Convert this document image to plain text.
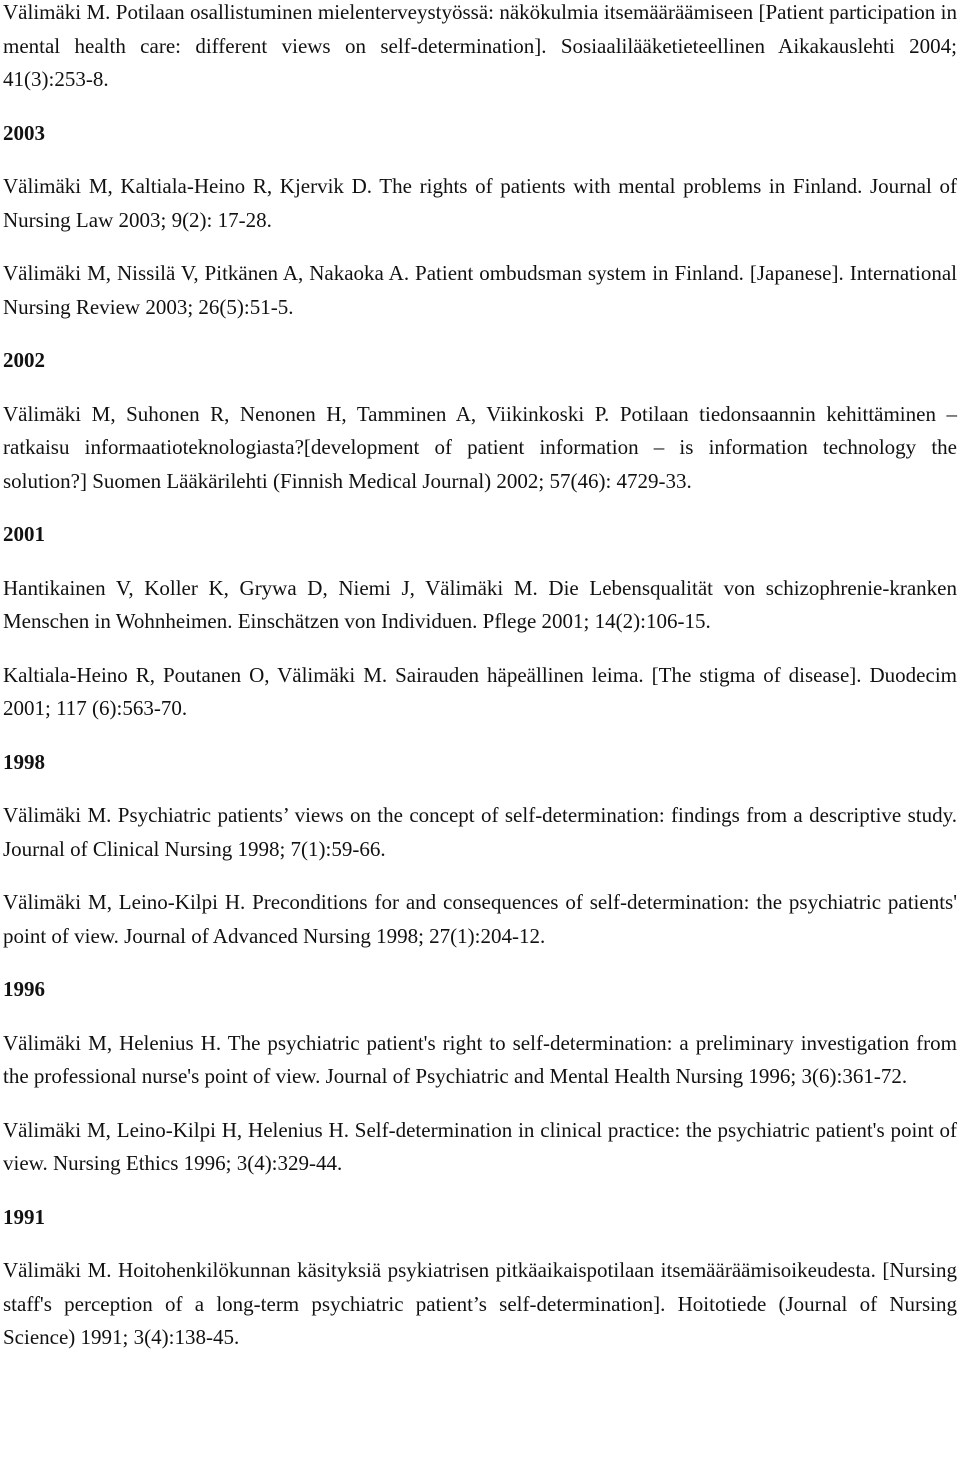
Välimäki M. Potilaan osallistuminen mielenterveystyössä: näkökulmia itsemääräämiseen [Patient participation in mental health care: different views on self-determination]. Sosiaalilääketieteellinen Aikakauslehti 2004; 41(3):253-8.

2003

Välimäki M, Kaltiala-Heino R, Kjervik D. The rights of patients with mental problems in Finland. Journal of Nursing Law 2003; 9(2): 17-28.

Välimäki M, Nissilä V, Pitkänen A, Nakaoka A. Patient ombudsman system in Finland. [Japanese]. International Nursing Review 2003; 26(5):51-5.

2002

Välimäki M, Suhonen R, Nenonen H, Tamminen A, Viikinkoski P. Potilaan tiedonsaannin kehittäminen – ratkaisu informaatioteknologiasta?[development of patient information – is information technology the solution?] Suomen Lääkärilehti (Finnish Medical Journal) 2002; 57(46): 4729-33.

2001

Hantikainen V, Koller K, Grywa D, Niemi J, Välimäki M. Die Lebensqualität von schizophrenie-kranken Menschen in Wohnheimen. Einschätzen von Individuen. Pflege 2001; 14(2):106-15.

Kaltiala-Heino R, Poutanen O, Välimäki M. Sairauden häpeällinen leima. [The stigma of disease]. Duodecim 2001; 117 (6):563-70.

1998

Välimäki M. Psychiatric patients’ views on the concept of self-determination: findings from a descriptive study. Journal of Clinical Nursing 1998; 7(1):59-66.

Välimäki M, Leino-Kilpi H. Preconditions for and consequences of self-determination: the psychiatric patients' point of view. Journal of Advanced Nursing 1998; 27(1):204-12.

1996

Välimäki M, Helenius H. The psychiatric patient's right to self-determination: a preliminary investigation from the professional nurse's point of view. Journal of Psychiatric and Mental Health Nursing 1996; 3(6):361-72.

Välimäki M, Leino-Kilpi H, Helenius H. Self-determination in clinical practice: the psychiatric patient's point of view. Nursing Ethics 1996; 3(4):329-44.

1991

Välimäki M. Hoitohenkilökunnan käsityksiä psykiatrisen pitkäaikaispotilaan itsemääräämisoikeudesta. [Nursing staff's perception of a long-term psychiatric patient’s self-determination]. Hoitotiede (Journal of Nursing Science) 1991; 3(4):138-45.
